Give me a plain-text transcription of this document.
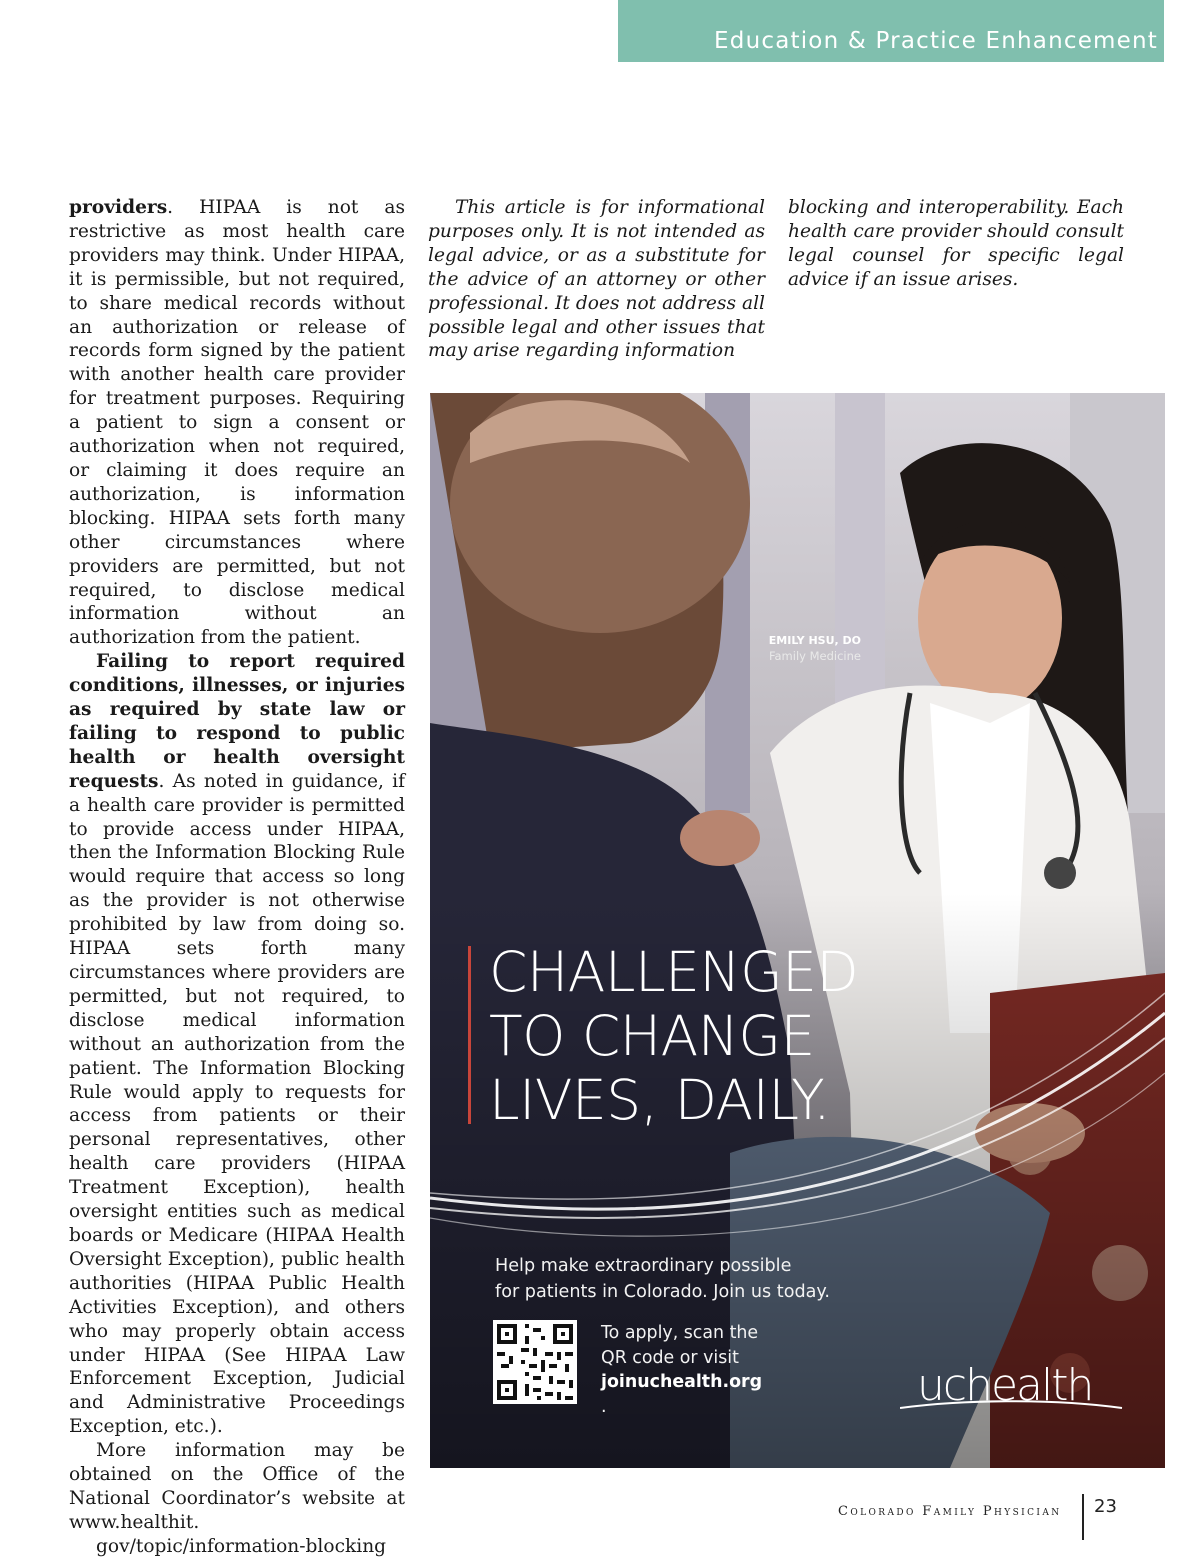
Education & Practice Enhancement

providers. HIPAA is not as restrictive as most health care providers may think. Under HIPAA, it is permissible, but not required, to share medical records without an authorization or release of records form signed by the patient with another health care provider for treatment purposes. Requiring a patient to sign a consent or authorization when not required, or claiming it does require an authorization, is information blocking. HIPAA sets forth many other circumstances where providers are permitted, but not required, to disclose medical information without an authorization from the patient.

Failing to report required conditions, illnesses, or injuries as required by state law or failing to respond to public health or health oversight requests. As noted in guidance, if a health care provider is permitted to provide access under HIPAA, then the Information Blocking Rule would require that access so long as the provider is not otherwise prohibited by law from doing so. HIPAA sets forth many circumstances where providers are permitted, but not required, to disclose medical information without an authorization from the patient. The Information Blocking Rule would apply to requests for access from patients or their personal representatives, other health care providers (HIPAA Treatment Exception), health oversight entities such as medical boards or Medicare (HIPAA Health Oversight Exception), public health authorities (HIPAA Public Health Activities Exception), and others who may properly obtain access under HIPAA (See HIPAA Law Enforcement Exception, Judicial and Administrative Proceedings Exception, etc.).

More information may be obtained on the Office of the National Coordinator’s website at www.healthit.
gov/topic/information-blocking

This article is for informational purposes only. It is not intended as legal advice, or as a substitute for the advice of an attorney or other professional. It does not address all possible legal and other issues that may arise regarding information

blocking and interoperability. Each health care provider should consult legal counsel for specific legal advice if an issue arises.

EMILY HSU, DO
Family Medicine
CHALLENGED
TO CHANGE
LIVES, DAILY.
Help make extraordinary possible
for patients in Colorado. Join us today.
To apply, scan the
QR code or visit
joinuchealth.org
.	uchealth
Colorado Family Physician 23
